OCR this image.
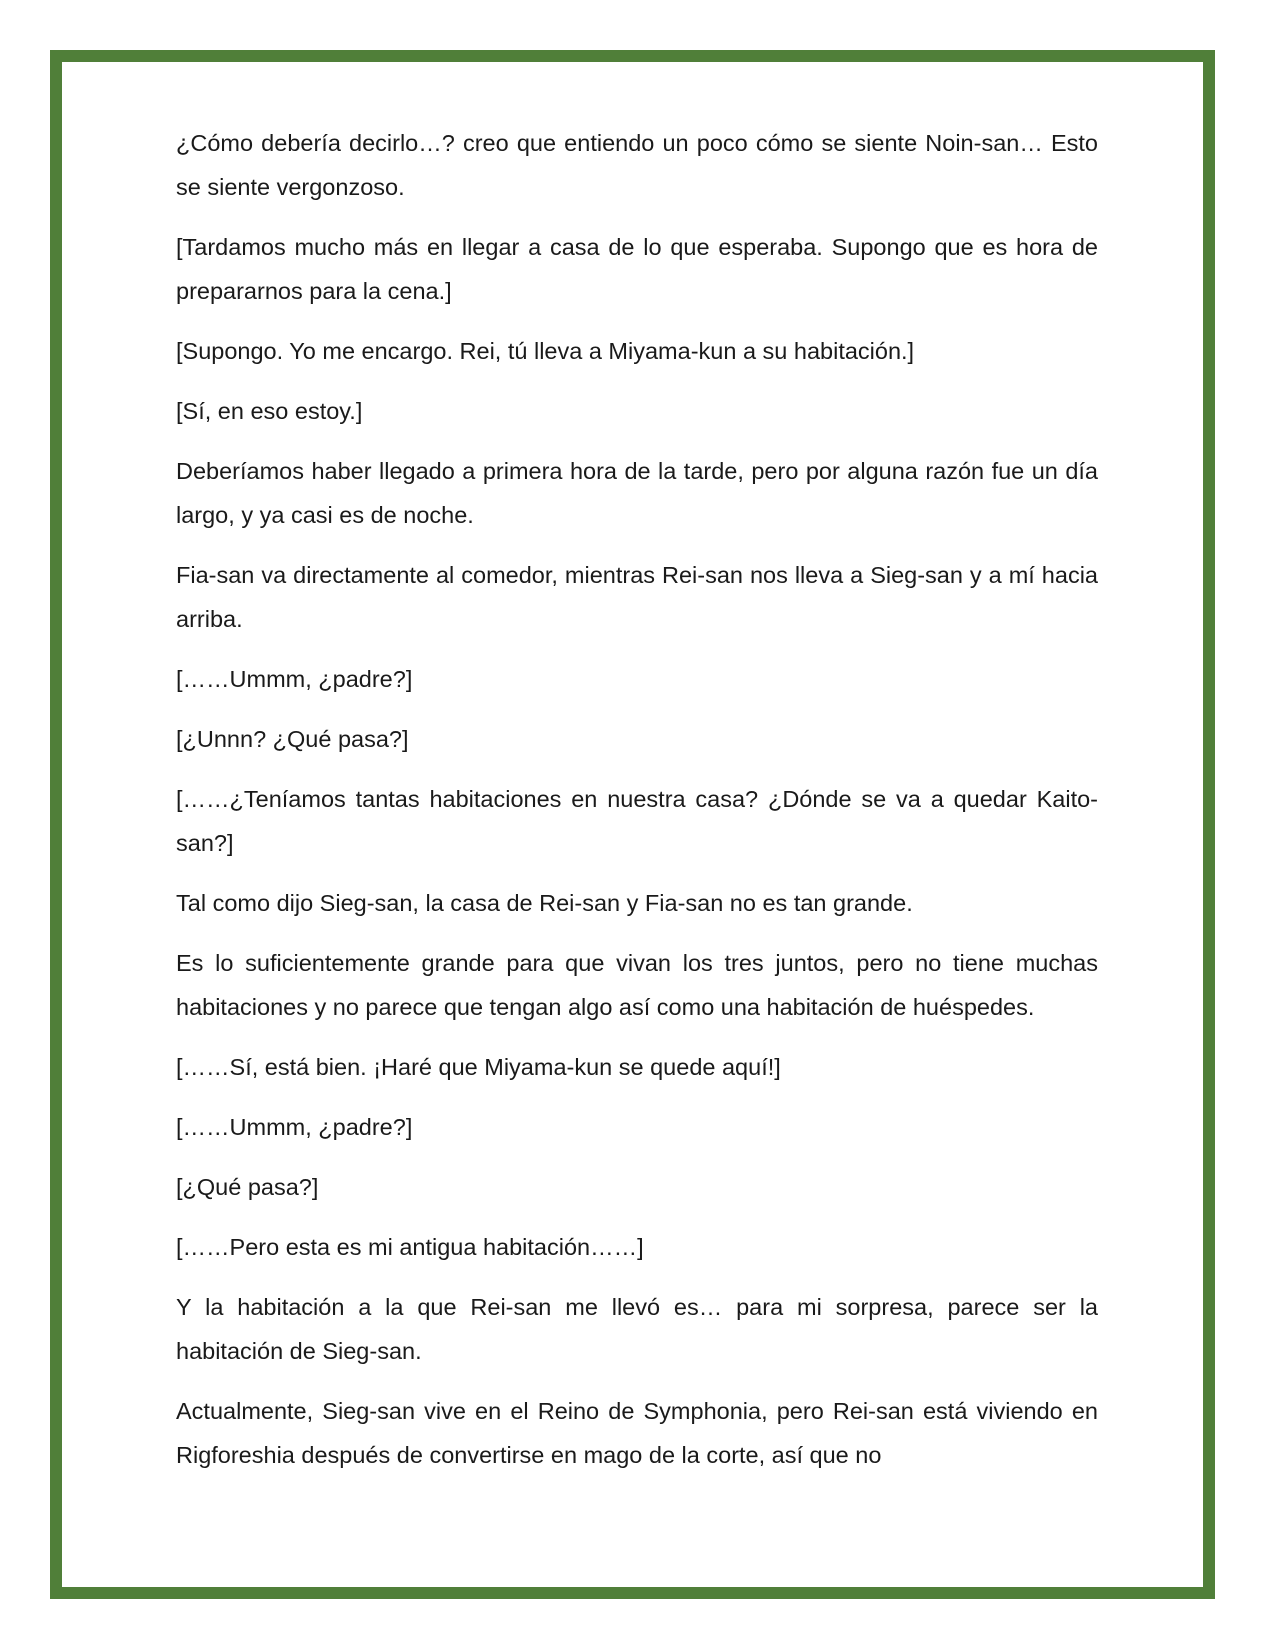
¿Cómo debería decirlo…? creo que entiendo un poco cómo se siente Noin-san… Esto se siente vergonzoso.

[Tardamos mucho más en llegar a casa de lo que esperaba. Supongo que es hora de prepararnos para la cena.]

[Supongo. Yo me encargo. Rei, tú lleva a Miyama-kun a su habitación.]

[Sí, en eso estoy.]

Deberíamos haber llegado a primera hora de la tarde, pero por alguna razón fue un día largo, y ya casi es de noche.

Fia-san va directamente al comedor, mientras Rei-san nos lleva a Sieg-san y a mí hacia arriba.

[……Ummm, ¿padre?]

[¿Unnn? ¿Qué pasa?]

[……¿Teníamos tantas habitaciones en nuestra casa? ¿Dónde se va a quedar Kaito-san?]

Tal como dijo Sieg-san, la casa de Rei-san y Fia-san no es tan grande.

Es lo suficientemente grande para que vivan los tres juntos, pero no tiene muchas habitaciones y no parece que tengan algo así como una habitación de huéspedes.

[……Sí, está bien. ¡Haré que Miyama-kun se quede aquí!]

[……Ummm, ¿padre?]

[¿Qué pasa?]

[……Pero esta es mi antigua habitación……]

Y la habitación a la que Rei-san me llevó es… para mi sorpresa, parece ser la habitación de Sieg-san.

Actualmente, Sieg-san vive en el Reino de Symphonia, pero Rei-san está viviendo en Rigforeshia después de convertirse en mago de la corte, así que no
